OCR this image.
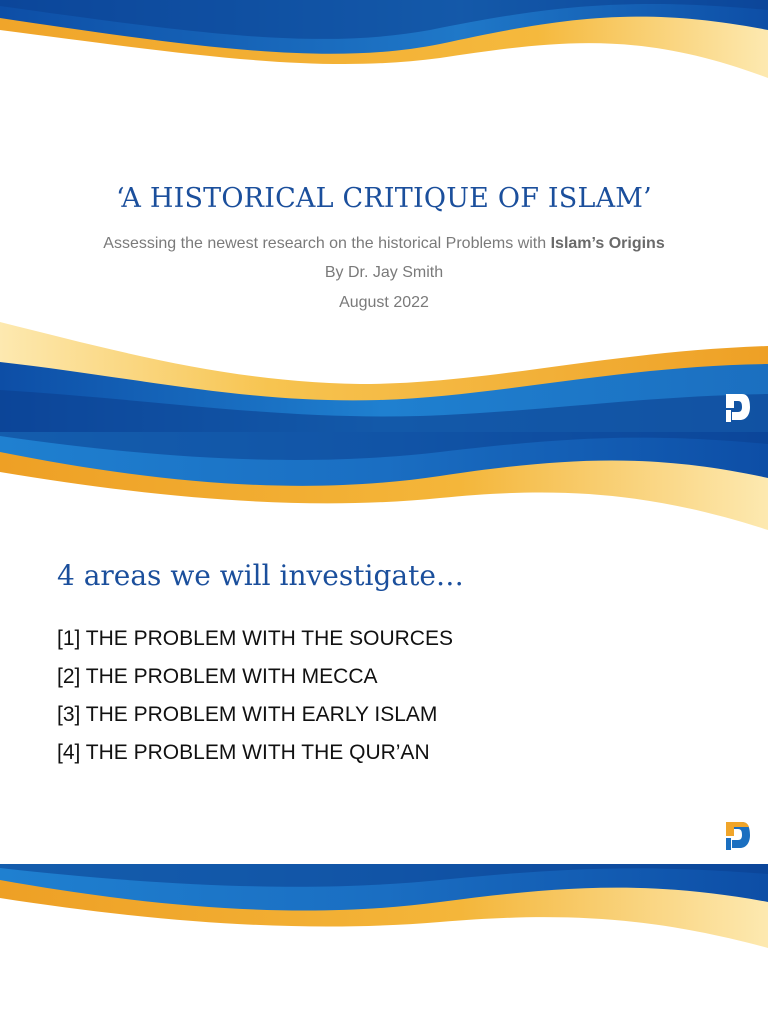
‘A HISTORICAL CRITIQUE OF ISLAM’
Assessing the newest research on the historical Problems with Islam’s Origins
By Dr. Jay Smith
August 2022
4 areas we will investigate…
[1] THE PROBLEM WITH THE SOURCES
[2] THE PROBLEM WITH MECCA
[3] THE PROBLEM WITH EARLY ISLAM
[4] THE PROBLEM WITH THE QUR’AN
